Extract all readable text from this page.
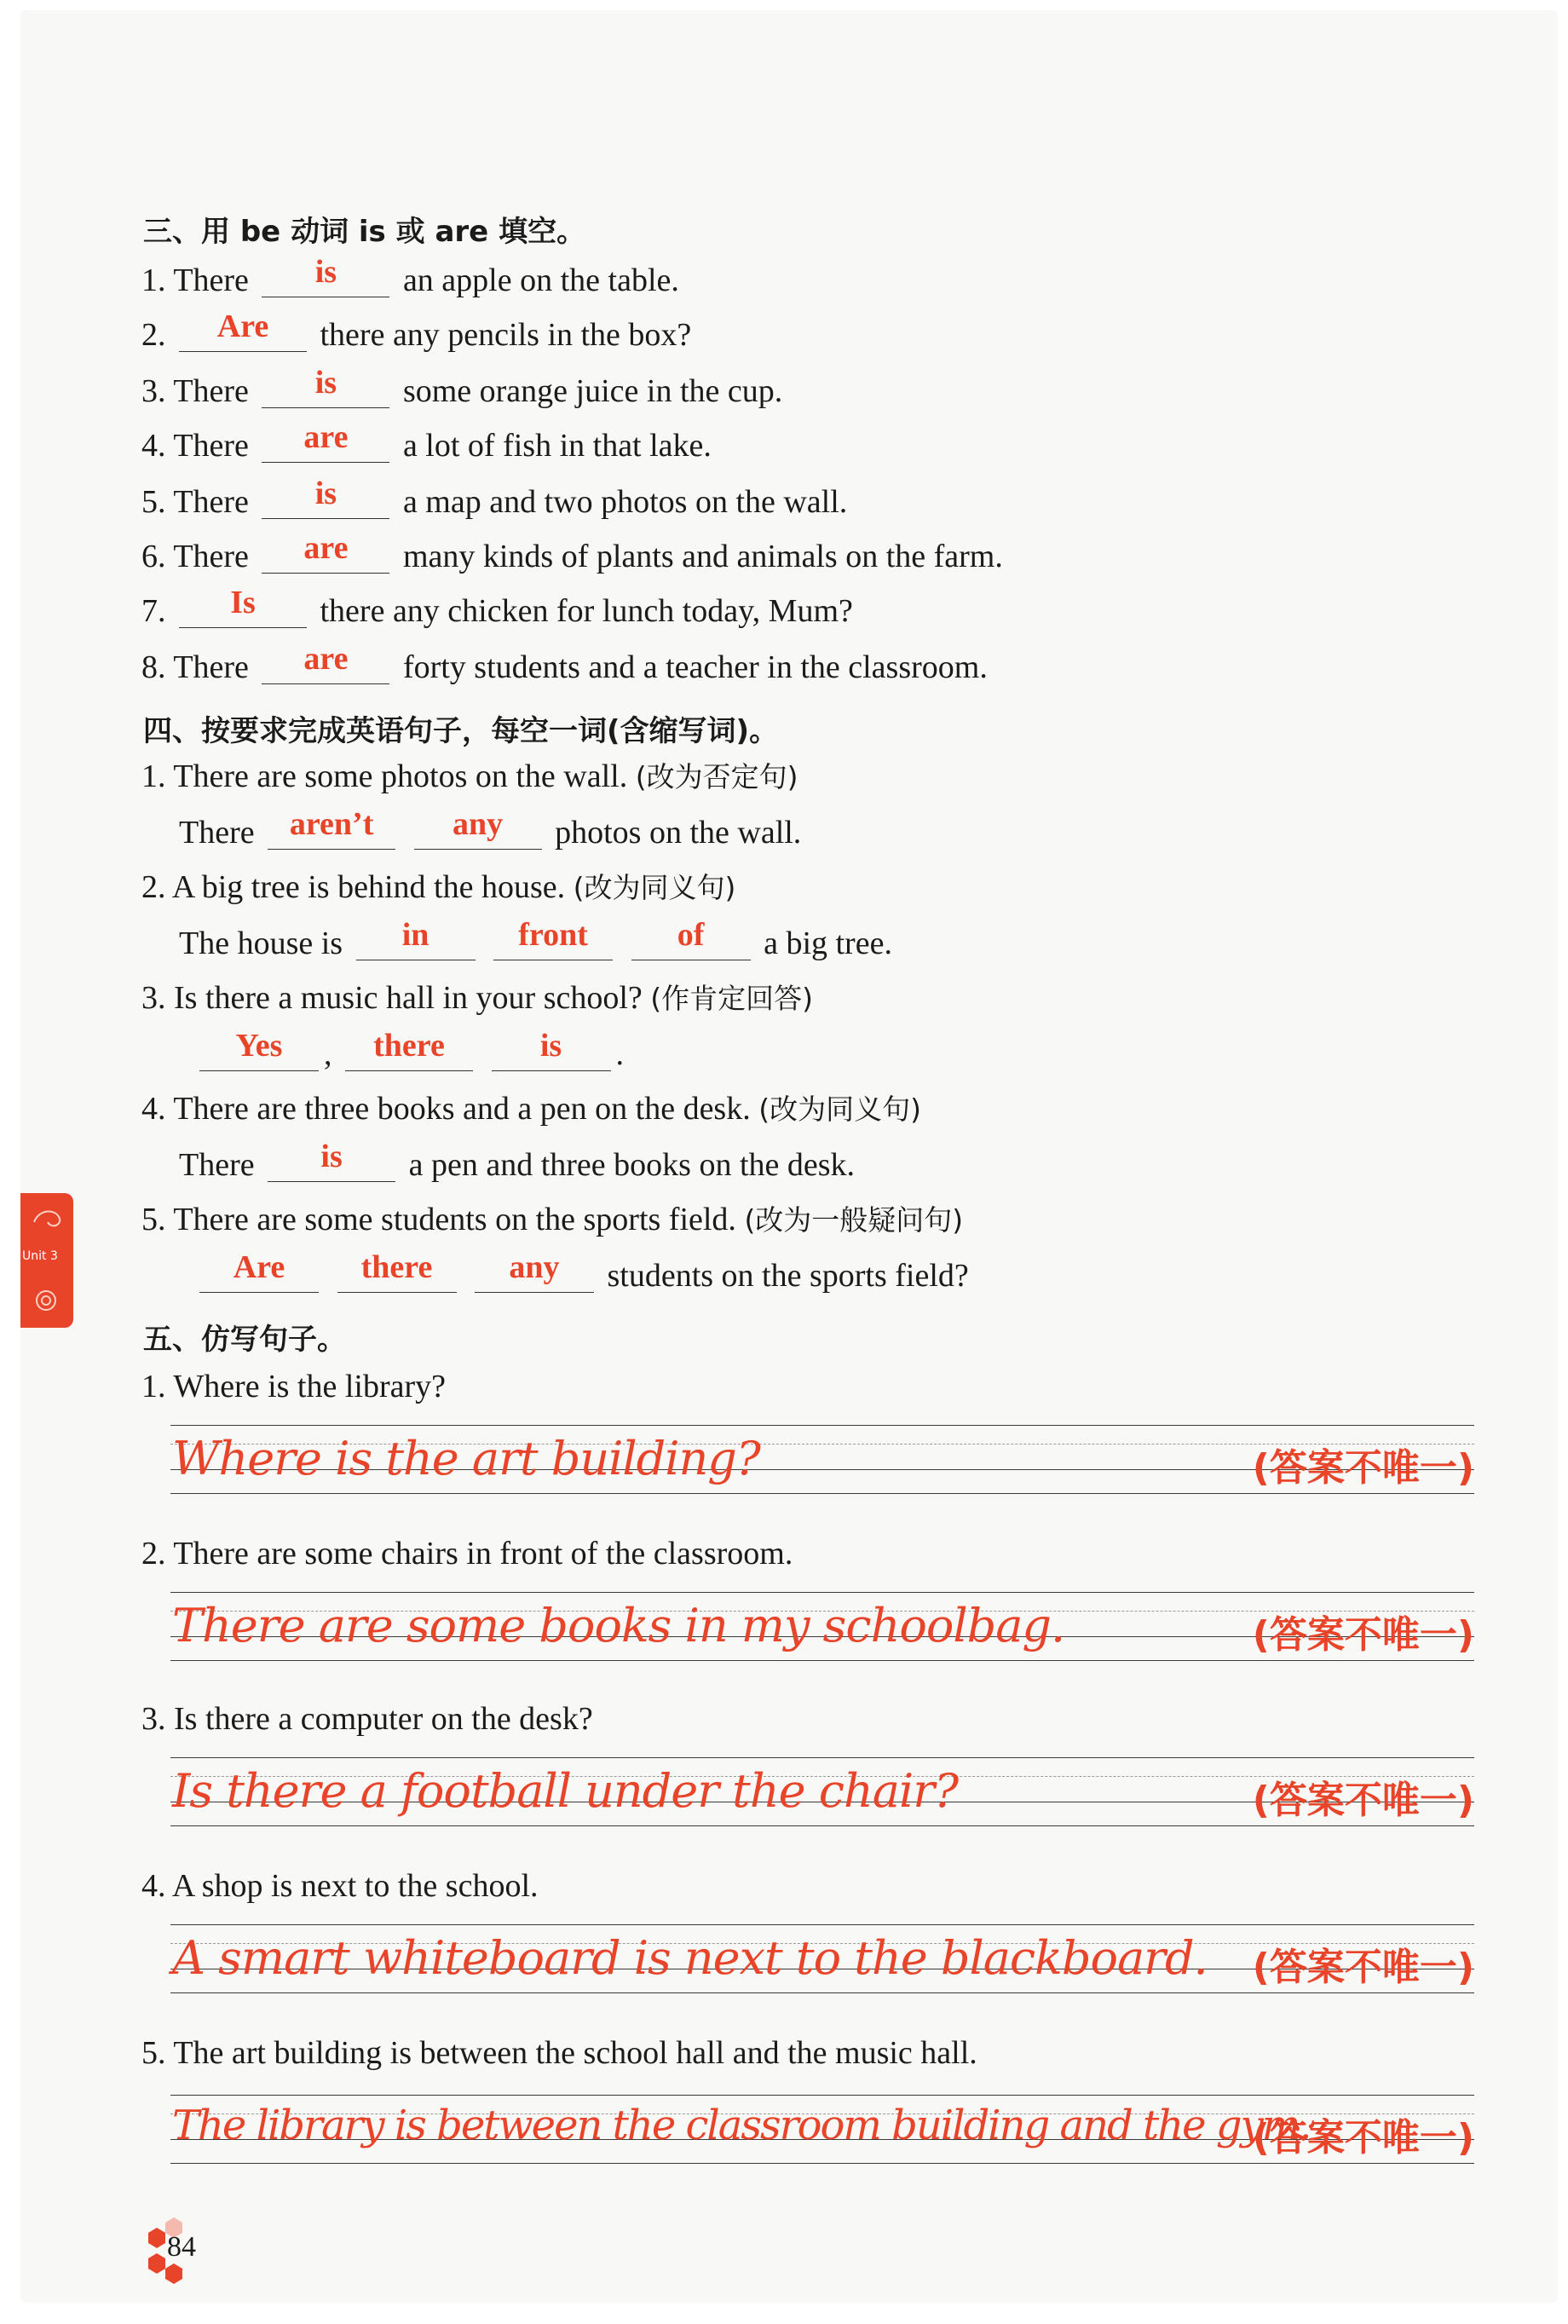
三、用 be 动词 is 或 are 填空。
1. There is an apple on the table.
2. Are there any pencils in the box?
3. There is some orange juice in the cup.
4. There are a lot of fish in that lake.
5. There is a map and two photos on the wall.
6. There are many kinds of plants and animals on the farm.
7. Is there any chicken for lunch today, Mum?
8. There are forty students and a teacher in the classroom.
四、按要求完成英语句子，每空一词(含缩写词)。
1. There are some photos on the wall. (改为否定句)
There aren’t any photos on the wall.
2. A big tree is behind the house. (改为同义句)
The house is in	front	of a big tree.
3. Is there a music hall in your school? (作肯定回答)
Yes , there	is .
4. There are three books and a pen on the desk. (改为同义句)
There is a pen and three books on the desk.
5. There are some students on the sports field. (改为一般疑问句)
Are there any students on the sports field?
五、仿写句子。
1. Where is the library?
Where is the art building?	(答案不唯一)
2. There are some chairs in front of the classroom.
There are some books in my schoolbag.	(答案不唯一)
3. Is there a computer on the desk?
Is there a football under the chair?	(答案不唯一)
4. A shop is next to the school.
A smart whiteboard is next to the blackboard. (答案不唯一)
5. The art building is between the school hall and the music hall.
The library is between the classroom building and the gym.
(答案不唯一)
Unit 3
84
